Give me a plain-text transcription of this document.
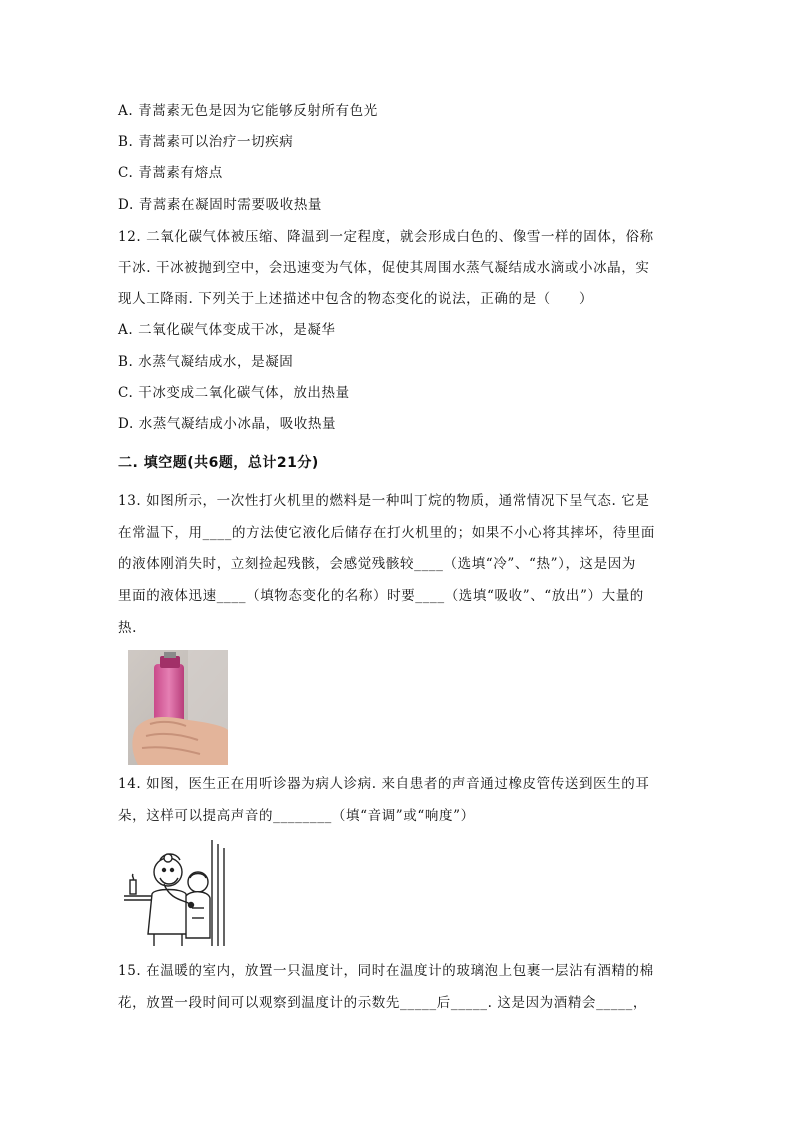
A. 青蒿素无色是因为它能够反射所有色光
B. 青蒿素可以治疗一切疾病
C. 青蒿素有熔点
D. 青蒿素在凝固时需要吸收热量
12. 二氧化碳气体被压缩、降温到一定程度，就会形成白色的、像雪一样的固体，俗称
干冰. 干冰被抛到空中，会迅速变为气体，促使其周围水蒸气凝结成水滴或小冰晶，实
现人工降雨. 下列关于上述描述中包含的物态变化的说法，正确的是（　　）
A. 二氧化碳气体变成干冰，是凝华
B. 水蒸气凝结成水，是凝固
C. 干冰变成二氧化碳气体，放出热量
D. 水蒸气凝结成小冰晶，吸收热量
二. 填空题(共6题，总计21分)
13. 如图所示，一次性打火机里的燃料是一种叫丁烷的物质，通常情况下呈气态. 它是
在常温下，用____的方法使它液化后储存在打火机里的；如果不小心将其摔坏，待里面
的液体刚消失时，立刻捡起残骸，会感觉残骸较____（选填“冷”、“热”），这是因为
里面的液体迅速____（填物态变化的名称）时要____（选填“吸收”、“放出”）大量的
热.
14. 如图，医生正在用听诊器为病人诊病. 来自患者的声音通过橡皮管传送到医生的耳
朵，这样可以提高声音的________（填“音调”或“响度”）
15. 在温暖的室内，放置一只温度计，同时在温度计的玻璃泡上包裹一层沾有酒精的棉
花，放置一段时间可以观察到温度计的示数先_____后_____. 这是因为酒精会_____，
